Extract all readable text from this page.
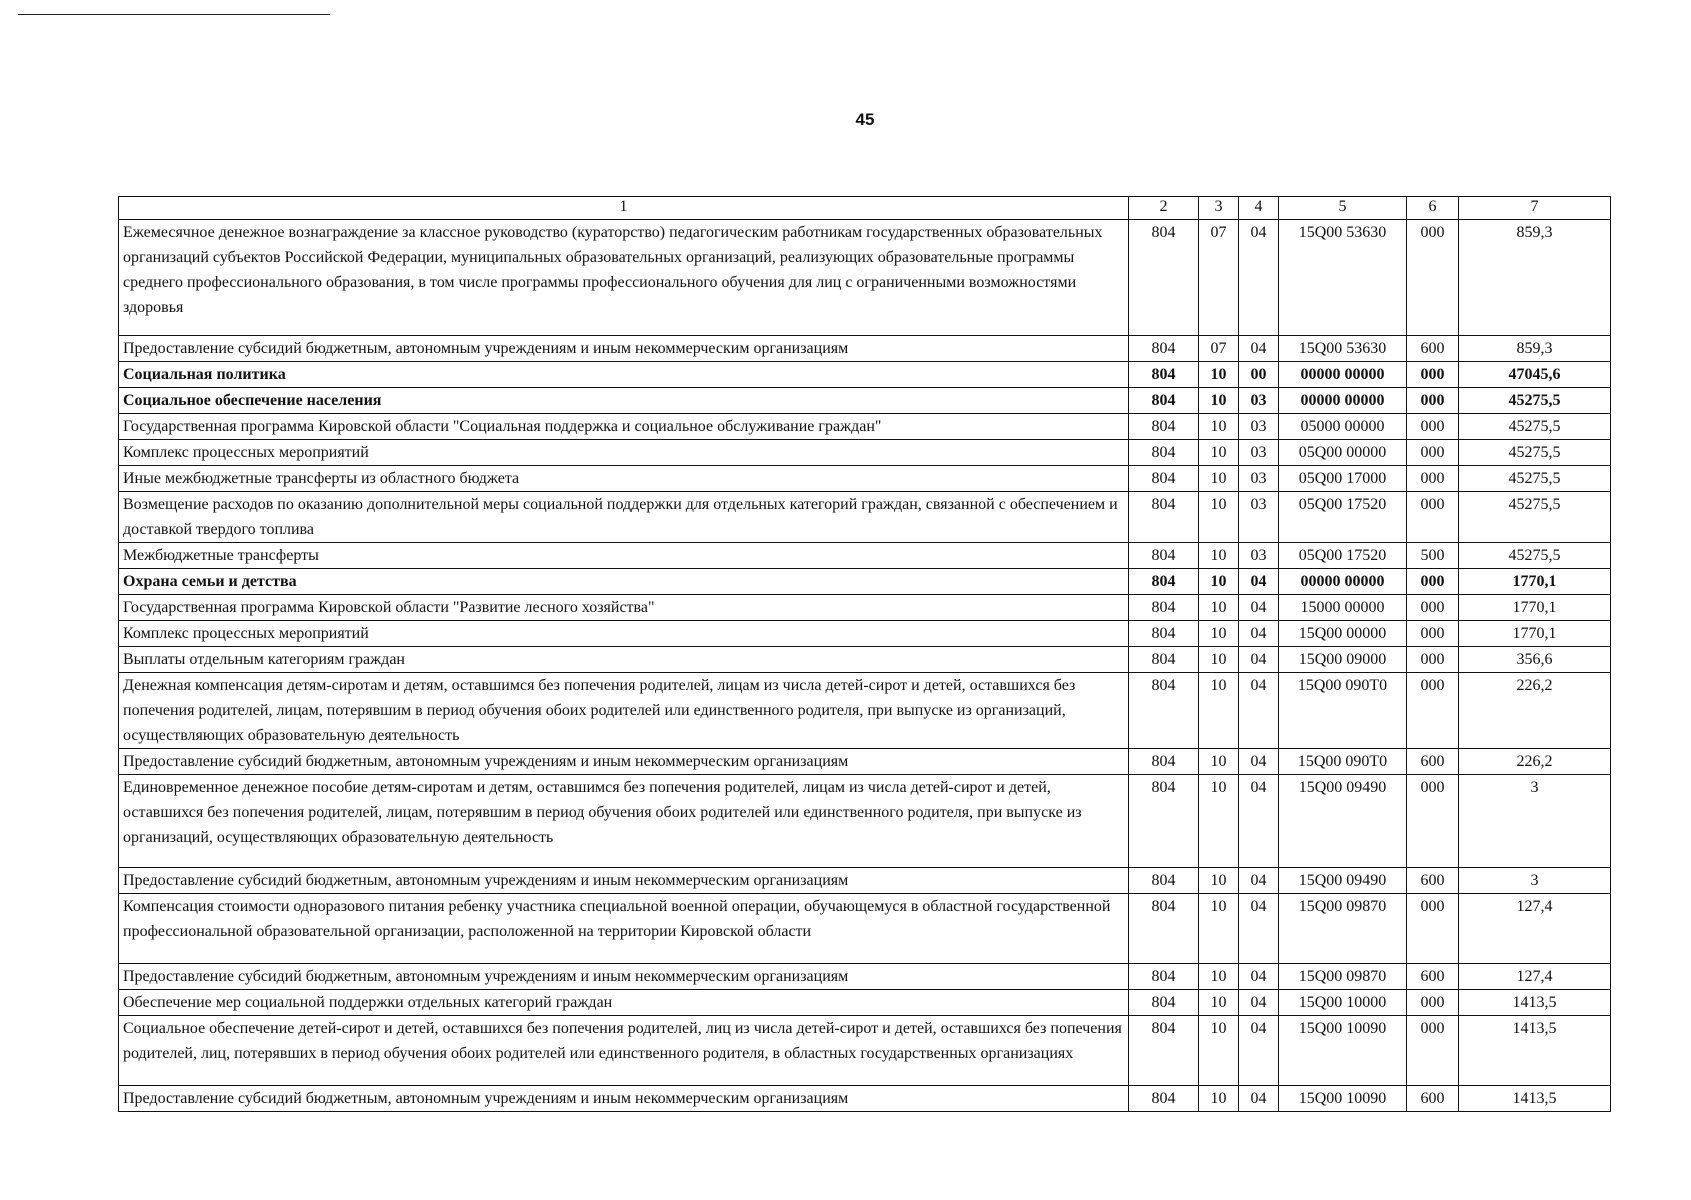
45
1	2	3	4	5	6	7
Ежемесячное денежное вознаграждение за классное руководство (кураторство) педагогическим работникам государственных образовательных организаций субъектов Российской Федерации, муниципальных образовательных организаций, реализующих образовательные программы среднего профессионального образования, в том числе программы профессионального обучения для лиц с ограниченными возможностями здоровья	804	07	04	15Q00 53630	000	859,3
Предоставление субсидий бюджетным, автономным учреждениям и иным некоммерческим организациям	804	07	04	15Q00 53630	600	859,3
Социальная политика	804	10	00	00000 00000	000	47045,6
Социальное обеспечение населения	804	10	03	00000 00000	000	45275,5
Государственная программа Кировской области "Социальная поддержка и социальное обслуживание граждан"	804	10	03	05000 00000	000	45275,5
Комплекс процессных мероприятий	804	10	03	05Q00 00000	000	45275,5
Иные межбюджетные трансферты из областного бюджета	804	10	03	05Q00 17000	000	45275,5
Возмещение расходов по оказанию дополнительной меры социальной поддержки для отдельных категорий граждан, связанной с обеспечением и доставкой твердого топлива	804	10	03	05Q00 17520	000	45275,5
Межбюджетные трансферты	804	10	03	05Q00 17520	500	45275,5
Охрана семьи и детства	804	10	04	00000 00000	000	1770,1
Государственная программа Кировской области "Развитие лесного хозяйства"	804	10	04	15000 00000	000	1770,1
Комплекс процессных мероприятий	804	10	04	15Q00 00000	000	1770,1
Выплаты отдельным категориям граждан	804	10	04	15Q00 09000	000	356,6
Денежная компенсация детям-сиротам и детям, оставшимся без попечения родителей, лицам из числа детей-сирот и детей, оставшихся без попечения родителей, лицам, потерявшим в период обучения обоих родителей или единственного родителя, при выпуске из организаций, осуществляющих образовательную деятельность	804	10	04	15Q00 090T0	000	226,2
Предоставление субсидий бюджетным, автономным учреждениям и иным некоммерческим организациям	804	10	04	15Q00 090T0	600	226,2
Единовременное денежное пособие детям-сиротам и детям, оставшимся без попечения родителей, лицам из числа детей-сирот и детей, оставшихся без попечения родителей, лицам, потерявшим в период обучения обоих родителей или единственного родителя, при выпуске из организаций, осуществляющих образовательную деятельность	804	10	04	15Q00 09490	000	3
Предоставление субсидий бюджетным, автономным учреждениям и иным некоммерческим организациям	804	10	04	15Q00 09490	600	3
Компенсация стоимости одноразового питания ребенку участника специальной военной операции, обучающемуся в областной государственной профессиональной образовательной организации, расположенной на территории Кировской области	804	10	04	15Q00 09870	000	127,4
Предоставление субсидий бюджетным, автономным учреждениям и иным некоммерческим организациям	804	10	04	15Q00 09870	600	127,4
Обеспечение мер социальной поддержки отдельных категорий граждан	804	10	04	15Q00 10000	000	1413,5
Социальное обеспечение детей-сирот и детей, оставшихся без попечения родителей, лиц из числа детей-сирот и детей, оставшихся без попечения родителей, лиц, потерявших в период обучения обоих родителей или единственного родителя, в областных государственных организациях	804	10	04	15Q00 10090	000	1413,5
Предоставление субсидий бюджетным, автономным учреждениям и иным некоммерческим организациям	804	10	04	15Q00 10090	600	1413,5
